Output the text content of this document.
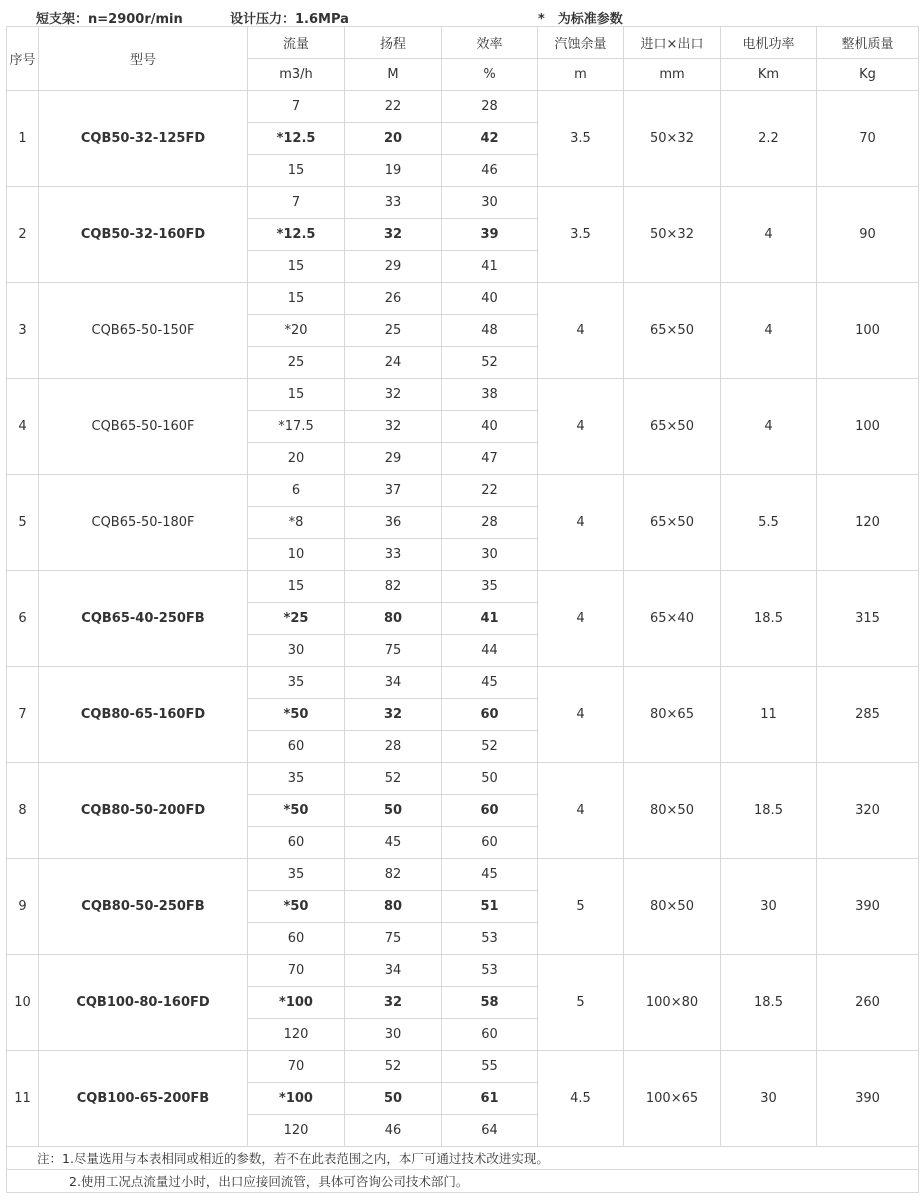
短支架：n=2900r/min	设计压力：1.6MPa	*　为标准参数
序号	型号	流量	扬程	效率	汽蚀余量	进口×出口	电机功率	整机质量
		m3/h	M	%	m	mm	Km	Kg
1	CQB50-32-125FD	7	22	28	3.5	50×32	2.2	70
		*12.5	20	42				
		15	19	46				
2	CQB50-32-160FD	7	33	30	3.5	50×32	4	90
		*12.5	32	39				
		15	29	41				
3	CQB65-50-150F	15	26	40	4	65×50	4	100
		*20	25	48				
		25	24	52				
4	CQB65-50-160F	15	32	38	4	65×50	4	100
		*17.5	32	40				
		20	29	47				
5	CQB65-50-180F	6	37	22	4	65×50	5.5	120
		*8	36	28				
		10	33	30				
6	CQB65-40-250FB	15	82	35	4	65×40	18.5	315
		*25	80	41				
		30	75	44				
7	CQB80-65-160FD	35	34	45	4	80×65	11	285
		*50	32	60				
		60	28	52				
8	CQB80-50-200FD	35	52	50	4	80×50	18.5	320
		*50	50	60				
		60	45	60				
9	CQB80-50-250FB	35	82	45	5	80×50	30	390
		*50	80	51				
		60	75	53				
10	CQB100-80-160FD	70	34	53	5	100×80	18.5	260
		*100	32	58				
		120	30	60				
11	CQB100-65-200FB	70	52	55	4.5	100×65	30	390
		*100	50	61				
		120	46	64				
注：1.尽量选用与本表相同或相近的参数，若不在此表范围之内，本厂可通过技术改进实现。								
2.使用工况点流量过小时，出口应接回流管，具体可咨询公司技术部门。								
